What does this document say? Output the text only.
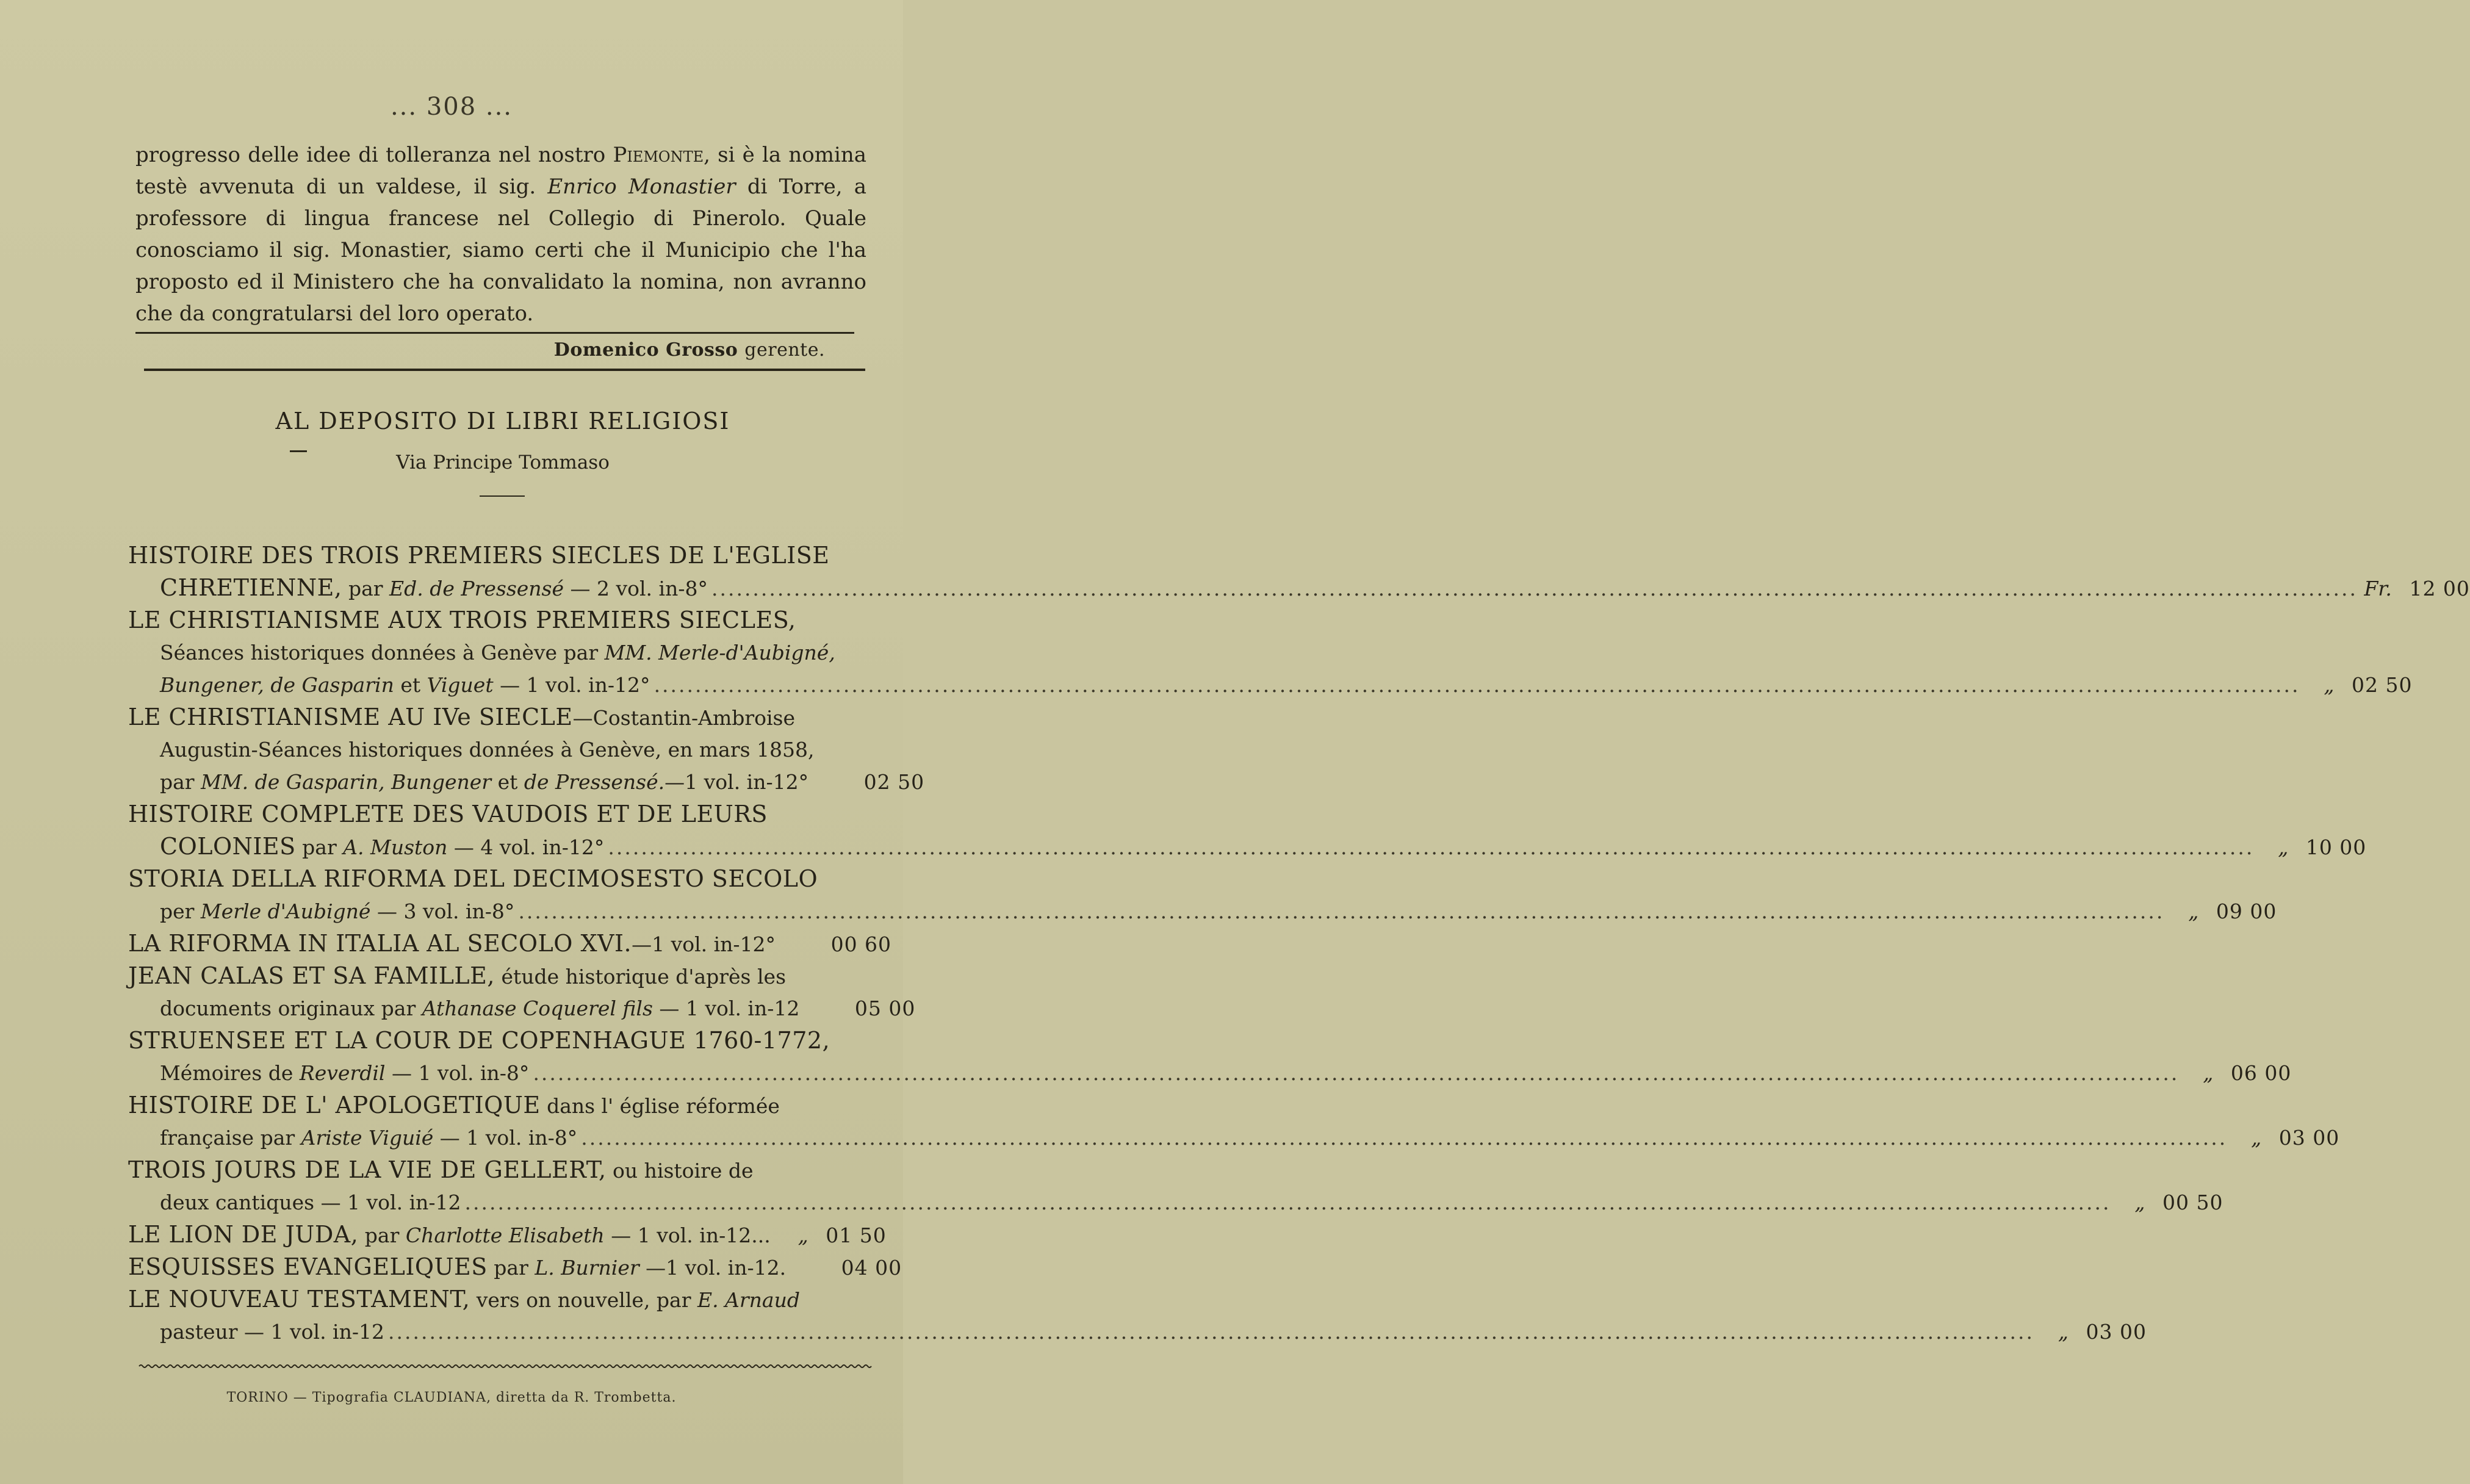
... 308 ...

progresso delle idee di tolleranza nel nostro Piemonte, si è la nomina testè avvenuta di un valdese, il sig. Enrico Monastier di Torre, a professore di lingua francese nel Collegio di Pinerolo. Quale conosciamo il sig. Monastier, siamo certi che il Municipio che l'ha proposto ed il Ministero che ha convalidato la nomina, non avranno che da congratularsi del loro operato.

Domenico Grosso gerente.
AL DEPOSITO DI LIBRI RELIGIOSI
Via Principe Tommaso
HISTOIRE DES TROIS PREMIERS SIECLES DE L'EGLISE
CHRETIENNE, par Ed. de Pressensé — 2 vol. in-8° ........................................................................................................................................................................................................ Fr. 12 00
LE CHRISTIANISME AUX TROIS PREMIERS SIECLES,
Séances historiques données à Genève par MM. Merle-d'Aubigné,
Bungener, de Gasparin et Viguet — 1 vol. in-12° ........................................................................................................................................................................................................	„ 02 50
LE CHRISTIANISME AU IVe SIECLE—Costantin-Ambroise
Augustin-Séances historiques données à Genève, en mars 1858,
par MM. de Gasparin, Bungener et de Pressensé.—1 vol. in-12°	02 50
HISTOIRE COMPLETE DES VAUDOIS ET DE LEURS
COLONIES par A. Muston — 4 vol. in-12° ........................................................................................................................................................................................................	„ 10 00
STORIA DELLA RIFORMA DEL DECIMOSESTO SECOLO
per Merle d'Aubigné — 3 vol. in-8° ........................................................................................................................................................................................................	„ 09 00
LA RIFORMA IN ITALIA AL SECOLO XVI.—1 vol. in-12°	00 60
JEAN CALAS ET SA FAMILLE, étude historique d'après les
documents originaux par Athanase Coquerel fils — 1 vol. in-12	05 00
STRUENSEE ET LA COUR DE COPENHAGUE 1760-1772,
Mémoires de Reverdil — 1 vol. in-8° ........................................................................................................................................................................................................	„ 06 00
HISTOIRE DE L' APOLOGETIQUE dans l' église réformée
française par Ariste Viguié — 1 vol. in-8° ........................................................................................................................................................................................................	„ 03 00
TROIS JOURS DE LA VIE DE GELLERT, ou histoire de
deux cantiques — 1 vol. in-12 ........................................................................................................................................................................................................	„ 00 50
LE LION DE JUDA, par Charlotte Elisabeth — 1 vol. in-12...	„ 01 50
ESQUISSES EVANGELIQUES par L. Burnier —1 vol. in-12.	04 00
LE NOUVEAU TESTAMENT, vers on nouvelle, par E. Arnaud
pasteur — 1 vol. in-12 ........................................................................................................................................................................................................	„ 03 00
TORINO — Tipografia CLAUDIANA, diretta da R. Trombetta.
